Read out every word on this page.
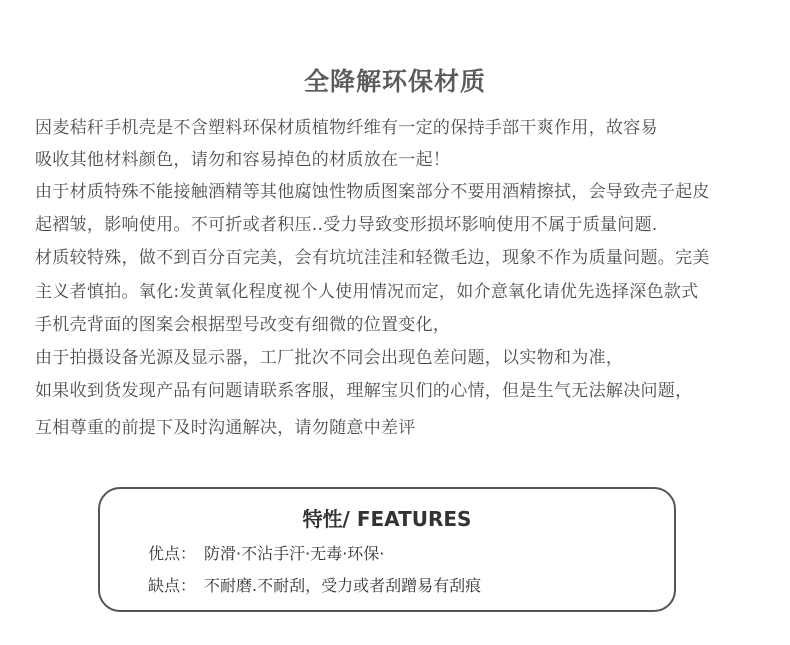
全降解环保材质
因麦秸秆手机壳是不含塑料环保材质植物纤维有一定的保持手部干爽作用，故容易
吸收其他材料颜色，请勿和容易掉色的材质放在一起！
由于材质特殊不能接触酒精等其他腐蚀性物质图案部分不要用酒精擦拭，会导致壳子起皮
起褶皱，影响使用。不可折或者积压..受力导致变形损坏影响使用不属于质量问题.
材质较特殊，做不到百分百完美，会有坑坑洼洼和轻微毛边，现象不作为质量问题。完美
主义者慎拍。氧化:发黄氧化程度视个人使用情况而定，如介意氧化请优先选择深色款式
手机壳背面的图案会根据型号改变有细微的位置变化，
由于拍摄设备光源及显示器，工厂批次不同会出现色差问题，以实物和为准，
如果收到货发现产品有问题请联系客服，理解宝贝们的心情，但是生气无法解决问题，
互相尊重的前提下及时沟通解决，请勿随意中差评
特性/ FEATURES
优点： 防滑·不沾手汗·无毒·环保·
缺点： 不耐磨.不耐刮，受力或者刮蹭易有刮痕
